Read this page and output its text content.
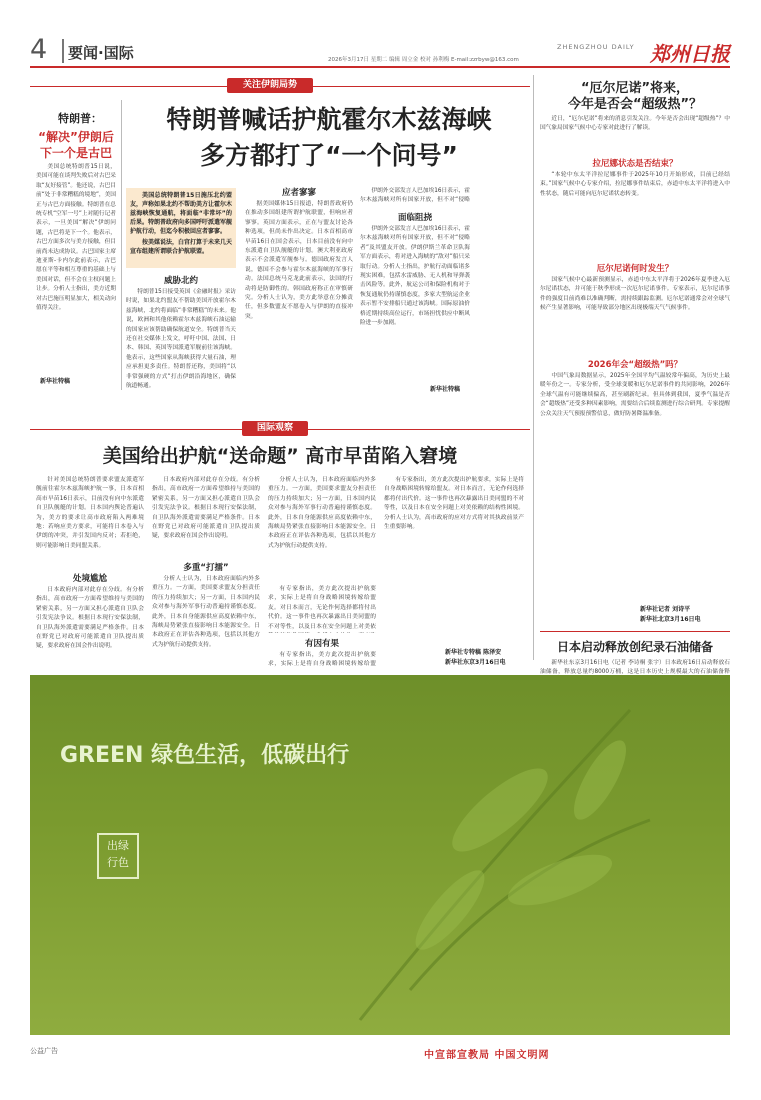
4 要闻·国际	2026年3月17日 星期二 编辑 周立金 校对 孙利梅 E-mail:zzrbyw@163.com
ZHENGZHOU DAILY 郑州日报
关注伊朗局势
特朗普喊话护航霍尔木兹海峡
多方都打了“一个问号”
特朗普：
“解决”伊朗后
下一个是古巴

美国总统特朗普15日说，美国可能在谈判失败后对古巴采取“友好接管”。他还说，古巴目前“处于非常糟糕的境地”，美国正与古巴方面接触。特朗普在总统专机“空军一号”上对随行记者表示，一旦美国“解决”伊朗问题，古巴将是下一个。他表示，古巴方面多次与美方接触，但目前尚未达成协议。古巴国家主席迪亚斯-卡内尔此前表示，古巴愿在平等和相互尊重的基础上与美国对话，但不会在主权问题上让步。分析人士指出，美方近期对古巴施压明显加大，相关动向值得关注。

新华社特稿

美国总统特朗普15日施压北约盟友，声称如果北约不帮助美方让霍尔木兹海峡恢复通航，将面临“非常坏”的后果。特朗普政府向多国呼吁派遣军舰护航行动，但迄今积极回应者寥寥。

按美媒说法，白宫打算于未来几天宣布组建所谓联合护航联盟。

威胁北约

特朗普15日接受英国《金融时报》采访时说，如果北约盟友不帮助美国开放霍尔木兹海峡，北约将面临“非常糟糕”的未来。他说，欧洲和其他依赖霍尔木兹海峡石油运输的国家应该帮助确保航道安全。特朗普当天还在社交媒体上发文，呼吁中国、法国、日本、韩国、英国等国派遣军舰前往该海峡。他表示，这些国家从海峡获得大量石油，理应承担更多责任。特朗普还称，美国将“以非常强硬的方式”打击伊朗沿海地区，确保航道畅通。

应者寥寥

据美国媒体15日报道，特朗普政府仍在推动多国组建所谓护航联盟，但响应者寥寥。英国方面表示，正在与盟友讨论各种选项，但尚未作出决定。日本首相高市早苗16日在国会表示，日本目前没有向中东派遣自卫队舰艇的计划。澳大利亚政府表示不会派遣军舰参与。德国政府发言人说，德国不会参与霍尔木兹海峡的军事行动。法国总统马克龙此前表示，法国的行动将是防御性的。韩国政府称正在审慎研究。分析人士认为，美方此举意在分摊责任，但多数盟友不愿卷入与伊朗的直接冲突。

伊朗外交部发言人巴加埃16日表示，霍尔木兹海峡对所有国家开放，但不对“侵略

面临阻挠

伊朗外交部发言人巴加埃16日表示，霍尔木兹海峡对所有国家开放，但不对“侵略者”及其盟友开放。伊朗伊斯兰革命卫队海军方面表示，将对进入海峡的“敌对”船只采取行动。分析人士指出，护航行动面临诸多现实困难，包括水雷威胁、无人机和导弹袭击风险等。此外，航运公司和保险机构对于恢复通航仍持谨慎态度，多家大型航运企业表示暂不安排船只通过该海峡。国际原油价格近期持续高位运行，市场担忧供应中断风险进一步加剧。

新华社特稿
“厄尔尼诺”将来，
今年是否会“超级热”？

近日，“厄尔尼诺”将来的消息引发关注。今年是否会出现“超级热”？中国气象局国家气候中心专家对此进行了解读。

拉尼娜状态是否结束？

“本轮中东太平洋拉尼娜事件于2025年10月开始形成，目前已经结束。”国家气候中心专家介绍，拉尼娜事件结束后，赤道中东太平洋将进入中性状态，随后可能向厄尔尼诺状态转变。

厄尔尼诺何时发生？

国家气候中心最新预测显示，赤道中东太平洋将于2026年夏季进入厄尔尼诺状态，并可能于秋季形成一次厄尔尼诺事件。专家表示，厄尔尼诺事件的强度目前尚难以准确判断，需持续跟踪监测。厄尔尼诺通常会对全球气候产生显著影响，可能导致部分地区出现极端天气气候事件。

2026年会“超级热”吗？

中国气象局数据显示，2025年全国平均气温较常年偏高，为历史上最暖年份之一。专家分析，受全球变暖和厄尔尼诺事件的共同影响，2026年全球气温有可能继续偏高，甚至刷新纪录。但具体到我国，夏季气温是否会“超级热”还受多种因素影响，需要结合后续监测进行综合研判。专家提醒公众关注天气预报预警信息，做好防暑降温准备。

新华社记者 刘诗平
新华社北京3月16日电
国际观察
美国给出护航“送命题” 高市早苗陷入窘境

针对美国总统特朗普要求盟友派遣军舰前往霍尔木兹海峡护航一事，日本首相高市早苗16日表示，目前没有向中东派遣自卫队舰艇的计划。日本国内舆论普遍认为，美方的要求让高市政府陷入两难境地：若响应美方要求，可能将日本卷入与伊朗的冲突，并引发国内反对；若拒绝，则可能影响日美同盟关系。

处境尴尬

日本政府内部对此存在分歧。有分析指出，高市政府一方面希望维持与美国的紧密关系，另一方面又担心派遣自卫队会引发宪法争议。根据日本现行安保法制，自卫队海外派遣需要满足严格条件。日本在野党已对政府可能派遣自卫队提出质疑，要求政府在国会作出说明。

日本政府内部对此存在分歧。有分析指出，高市政府一方面希望维持与美国的紧密关系，另一方面又担心派遣自卫队会引发宪法争议。根据日本现行安保法制，自卫队海外派遣需要满足严格条件。日本在野党已对政府可能派遣自卫队提出质疑，要求政府在国会作出说明。

多重“打擂”

分析人士认为，日本政府面临内外多重压力。一方面，美国要求盟友分担责任的压力持续加大；另一方面，日本国内民众对参与海外军事行动普遍持谨慎态度。此外，日本自身能源供应高度依赖中东，海峡局势紧张直接影响日本能源安全。日本政府正在评估各种选项，包括以其他方式为护航行动提供支持。

分析人士认为，日本政府面临内外多重压力。一方面，美国要求盟友分担责任的压力持续加大；另一方面，日本国内民众对参与海外军事行动普遍持谨慎态度。此外，日本自身能源供应高度依赖中东，海峡局势紧张直接影响日本能源安全。日本政府正在评估各种选项，包括以其他方式为护航行动提供支持。

有因有果

有专家指出，美方此次提出护航要求，实际上是将自身战略困境转嫁给盟友。对日本而言，无论作何选择都将付出代价。这一事件也再次暴露出日美同盟的不对等性，以及日本在安全问题上对美依

有专家指出，美方此次提出护航要求，实际上是将自身战略困境转嫁给盟

有专家指出，美方此次提出护航要求，实际上是将自身战略困境转嫁给盟友。对日本而言，无论作何选择都将付出代价。这一事件也再次暴露出日美同盟的不对等性，以及日本在安全问题上对美依赖的结构性困境。分析人士认为，高市政府的应对方式将对其执政前景产生重要影响。

新华社专特稿 陈泽安
新华社东京3月16日电
日本启动释放创纪录石油储备

新华社东京3月16日电（记者 李诗桐 张宇）日本政府16日启动释放石油储备，释放总量约8000万桶，这是日本历史上规模最大的石油储备释

GREEN 绿色生活，低碳出行
出绿
行色
公益广告	中宣部宣教局 中国文明网
